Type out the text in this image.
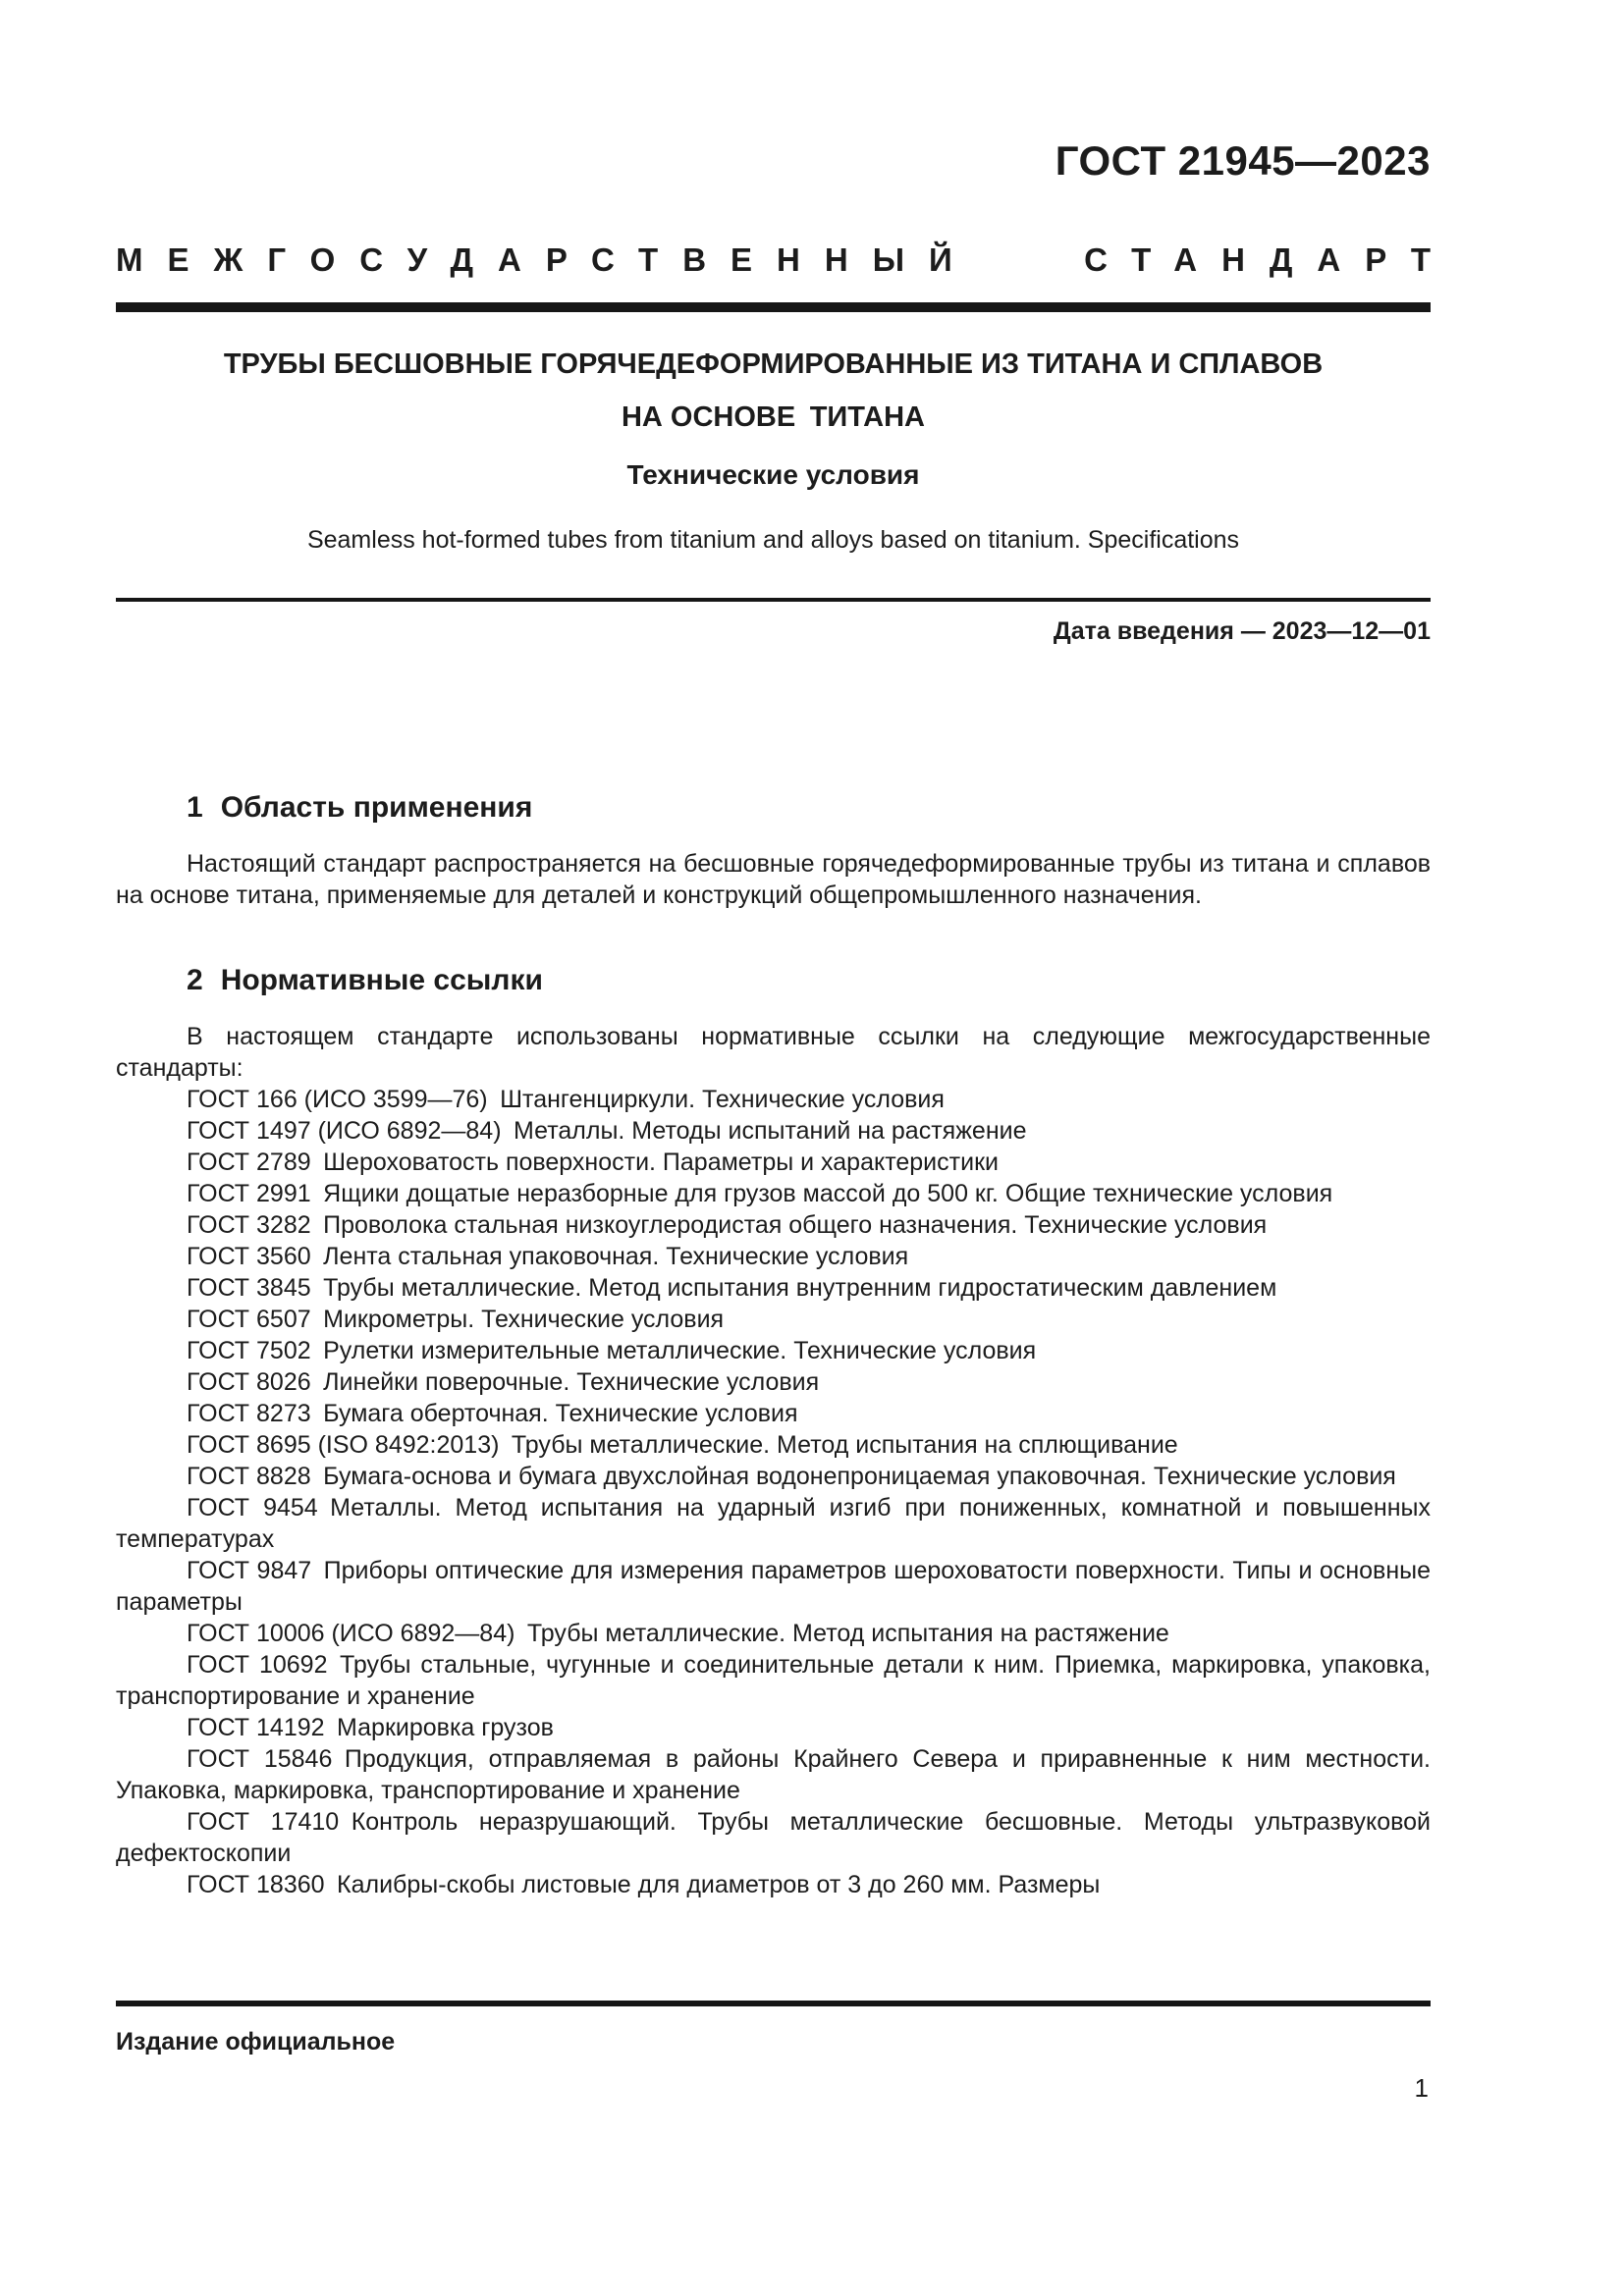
ГОСТ 21945—2023
МЕЖГОСУДАРСТВЕННЫЙ	СТАНДАРТ
ТРУБЫ БЕСШОВНЫЕ ГОРЯЧЕДЕФОРМИРОВАННЫЕ ИЗ ТИТАНА И СПЛАВОВ
НА ОСНОВЕ ТИТАНА
Технические условия
Seamless hot-formed tubes from titanium and alloys based on titanium. Specifications
Дата введения — 2023—12—01
1 Область применения

Настоящий стандарт распространяется на бесшовные горячедеформированные трубы из титана и сплавов на основе титана, применяемые для деталей и конструкций общепромышленного назначения.

2 Нормативные ссылки

В настоящем стандарте использованы нормативные ссылки на следующие межгосударственные стандарты:

ГОСТ 166 (ИСО 3599—76) Штангенциркули. Технические условия

ГОСТ 1497 (ИСО 6892—84) Металлы. Методы испытаний на растяжение

ГОСТ 2789 Шероховатость поверхности. Параметры и характеристики

ГОСТ 2991 Ящики дощатые неразборные для грузов массой до 500 кг. Общие технические условия

ГОСТ 3282 Проволока стальная низкоуглеродистая общего назначения. Технические условия

ГОСТ 3560 Лента стальная упаковочная. Технические условия

ГОСТ 3845 Трубы металлические. Метод испытания внутренним гидростатическим давлением

ГОСТ 6507 Микрометры. Технические условия

ГОСТ 7502 Рулетки измерительные металлические. Технические условия

ГОСТ 8026 Линейки поверочные. Технические условия

ГОСТ 8273 Бумага оберточная. Технические условия

ГОСТ 8695 (ISO 8492:2013) Трубы металлические. Метод испытания на сплющивание

ГОСТ 8828 Бумага-основа и бумага двухслойная водонепроницаемая упаковочная. Технические условия

ГОСТ 9454 Металлы. Метод испытания на ударный изгиб при пониженных, комнатной и повышенных температурах

ГОСТ 9847 Приборы оптические для измерения параметров шероховатости поверхности. Типы и основные параметры

ГОСТ 10006 (ИСО 6892—84) Трубы металлические. Метод испытания на растяжение

ГОСТ 10692 Трубы стальные, чугунные и соединительные детали к ним. Приемка, маркировка, упаковка, транспортирование и хранение

ГОСТ 14192 Маркировка грузов

ГОСТ 15846 Продукция, отправляемая в районы Крайнего Севера и приравненные к ним местности. Упаковка, маркировка, транспортирование и хранение

ГОСТ 17410 Контроль неразрушающий. Трубы металлические бесшовные. Методы ультразвуковой дефектоскопии

ГОСТ 18360 Калибры-скобы листовые для диаметров от 3 до 260 мм. Размеры

Издание официальное
1
